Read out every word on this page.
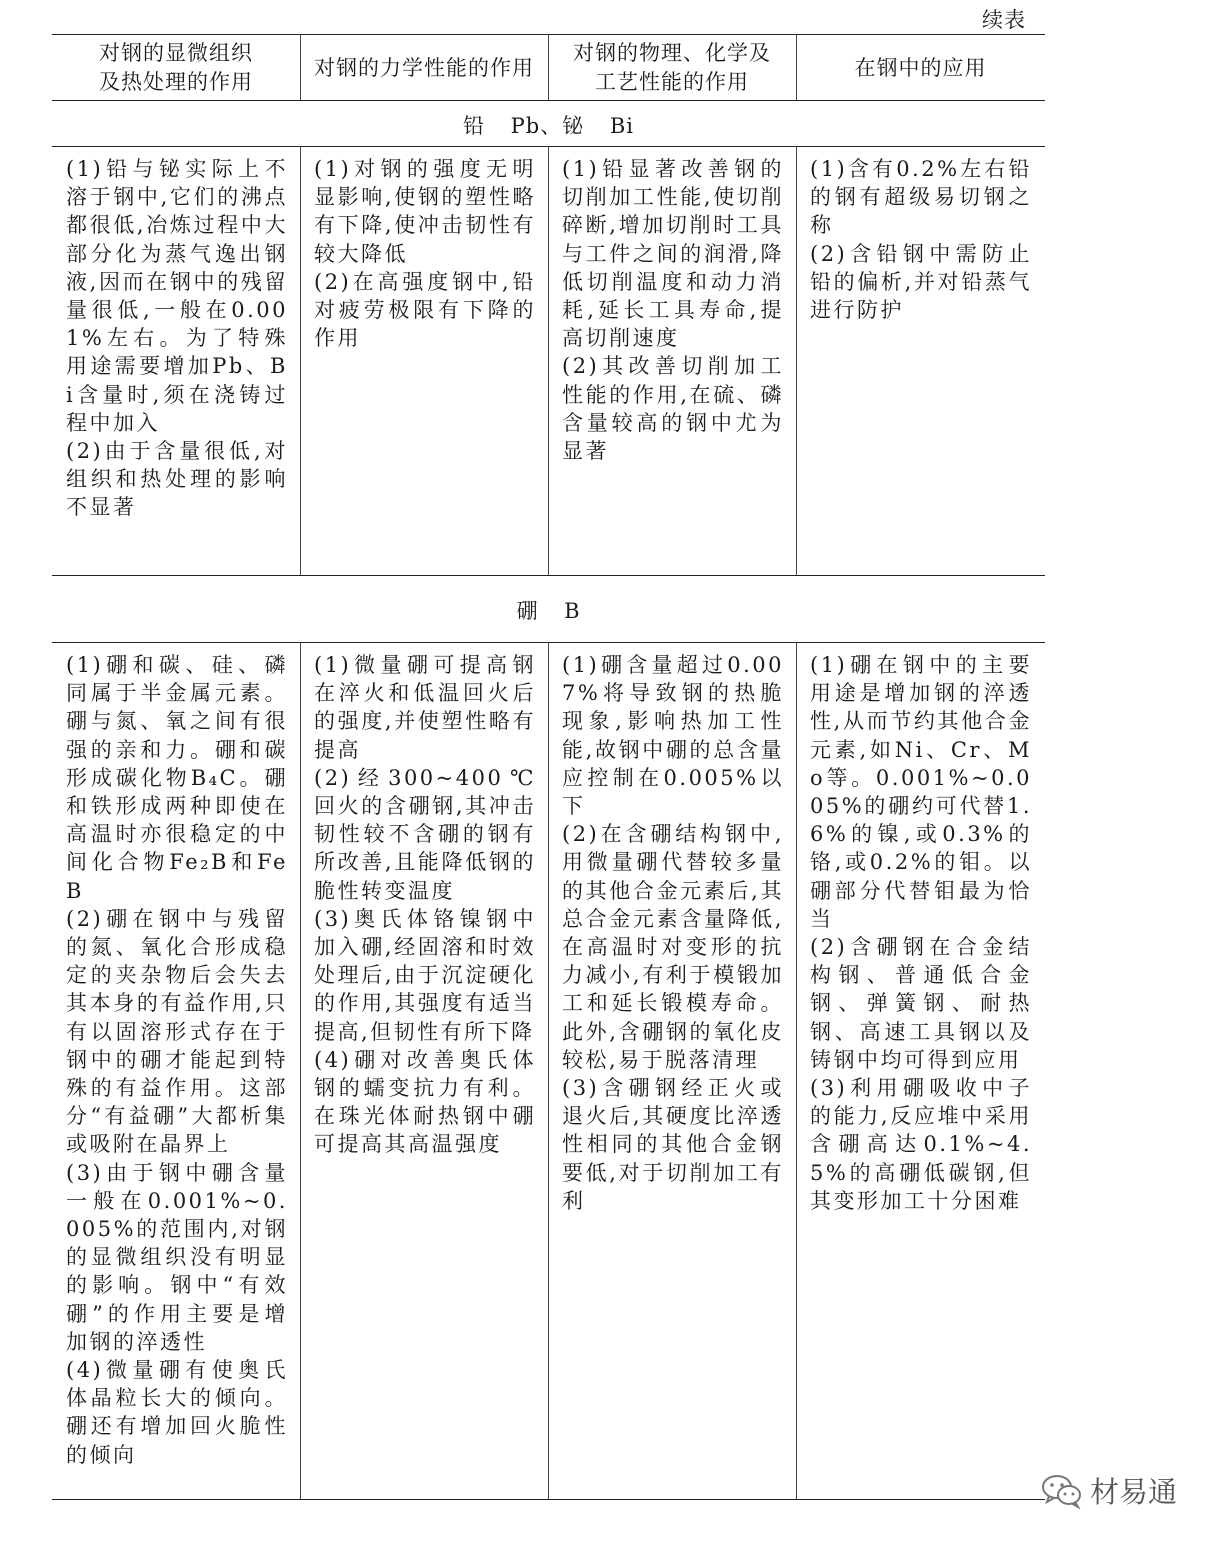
续表
对钢的显微组织
及热处理的作用
对钢的力学性能的作用
对钢的物理、化学及
工艺性能的作用
在钢中的应用
铅 Pb、铋 Bi

(1)铅与铋实际上不溶于钢中,它们的沸点都很低,冶炼过程中大部分化为蒸气逸出钢液,因而在钢中的残留量很低,一般在0.001%左右。为了特殊用途需要增加Pb、Bi含量时,须在浇铸过程中加入

(2)由于含量很低,对组织和热处理的影响不显著

(1)对钢的强度无明显影响,使钢的塑性略有下降,使冲击韧性有较大降低

(2)在高强度钢中,铅对疲劳极限有下降的作用

(1)铅显著改善钢的切削加工性能,使切削碎断,增加切削时工具与工件之间的润滑,降低切削温度和动力消耗,延长工具寿命,提高切削速度

(2)其改善切削加工性能的作用,在硫、磷含量较高的钢中尤为显著

(1)含有0.2%左右铅的钢有超级易切钢之称

(2)含铅钢中需防止铅的偏析,并对铅蒸气进行防护

硼 B

(1)硼和碳、硅、磷同属于半金属元素。硼与氮、氧之间有很强的亲和力。硼和碳形成碳化物B₄C。硼和铁形成两种即使在高温时亦很稳定的中间化合物Fe₂B和FeB

(2)硼在钢中与残留的氮、氧化合形成稳定的夹杂物后会失去其本身的有益作用,只有以固溶形式存在于钢中的硼才能起到特殊的有益作用。这部分“有益硼”大都析集或吸附在晶界上

(3)由于钢中硼含量一般在0.001%~0.005%的范围内,对钢的显微组织没有明显的影响。钢中“有效硼”的作用主要是增加钢的淬透性

(4)微量硼有使奥氏体晶粒长大的倾向。硼还有增加回火脆性的倾向

(1)微量硼可提高钢在淬火和低温回火后的强度,并使塑性略有提高

(2)经300~400℃回火的含硼钢,其冲击韧性较不含硼的钢有所改善,且能降低钢的脆性转变温度

(3)奥氏体铬镍钢中加入硼,经固溶和时效处理后,由于沉淀硬化的作用,其强度有适当提高,但韧性有所下降

(4)硼对改善奥氏体钢的蠕变抗力有利。在珠光体耐热钢中硼可提高其高温强度

(1)硼含量超过0.007%将导致钢的热脆现象,影响热加工性能,故钢中硼的总含量应控制在0.005%以下

(2)在含硼结构钢中,用微量硼代替较多量的其他合金元素后,其总合金元素含量降低,在高温时对变形的抗力减小,有利于模锻加工和延长锻模寿命。此外,含硼钢的氧化皮较松,易于脱落清理

(3)含硼钢经正火或退火后,其硬度比淬透性相同的其他合金钢要低,对于切削加工有利

(1)硼在钢中的主要用途是增加钢的淬透性,从而节约其他合金元素,如Ni、Cr、Mo等。0.001%~0.005%的硼约可代替1.6%的镍,或0.3%的铬,或0.2%的钼。以硼部分代替钼最为恰当

(2)含硼钢在合金结构钢、普通低合金钢、弹簧钢、耐热钢、高速工具钢以及铸钢中均可得到应用

(3)利用硼吸收中子的能力,反应堆中采用含硼高达0.1%~4.5%的高硼低碳钢,但其变形加工十分困难

材易通
